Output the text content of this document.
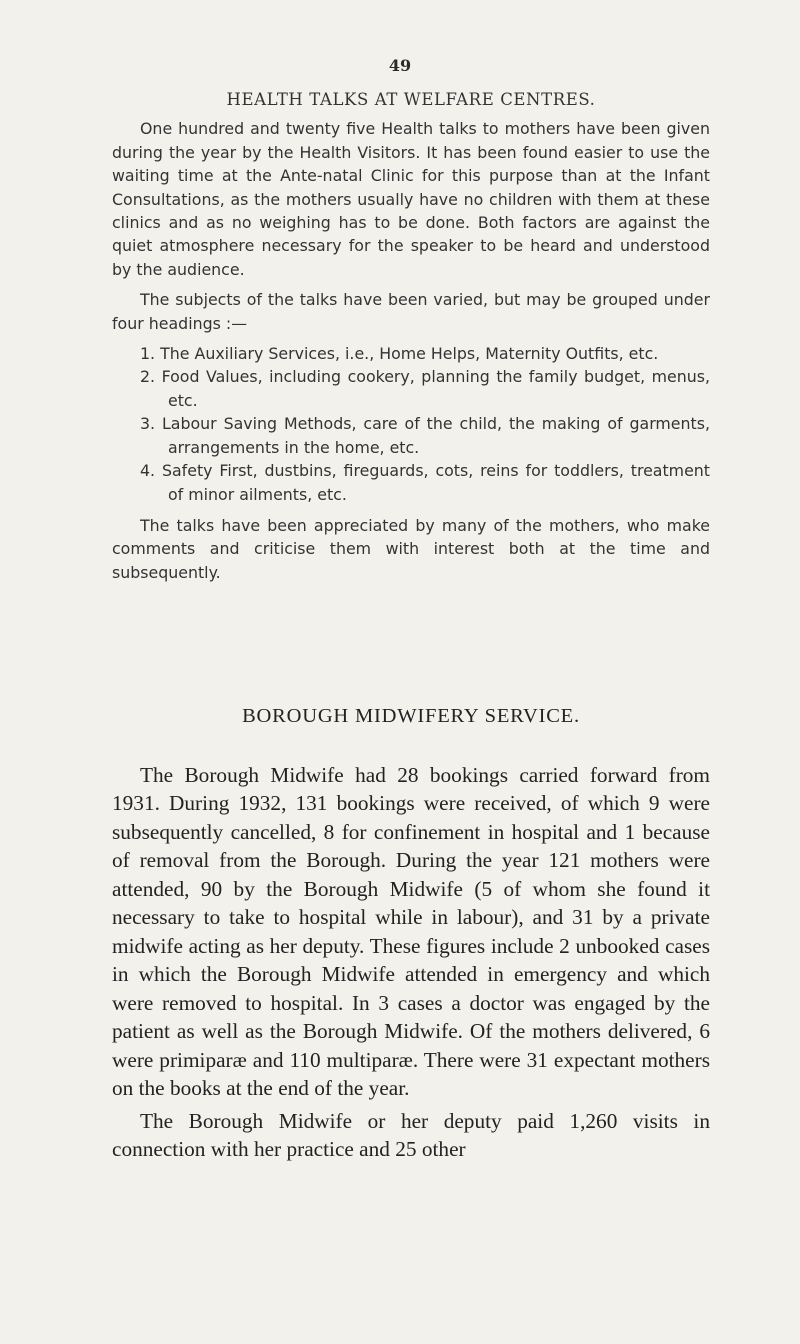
49
HEALTH TALKS AT WELFARE CENTRES.

One hundred and twenty five Health talks to mothers have been given during the year by the Health Visitors. It has been found easier to use the waiting time at the Ante-natal Clinic for this purpose than at the Infant Consultations, as the mothers usually have no children with them at these clinics and as no weighing has to be done. Both factors are against the quiet atmosphere necessary for the speaker to be heard and understood by the audience.

The subjects of the talks have been varied, but may be grouped under four headings :—

1. The Auxiliary Services, i.e., Home Helps, Maternity Outfits, etc.
2. Food Values, including cookery, planning the family budget, menus, etc.
3. Labour Saving Methods, care of the child, the making of garments, arrangements in the home, etc.
4. Safety First, dustbins, fireguards, cots, reins for toddlers, treatment of minor ailments, etc.

The talks have been appreciated by many of the mothers, who make comments and criticise them with interest both at the time and subsequently.

BOROUGH MIDWIFERY SERVICE.

The Borough Midwife had 28 bookings carried forward from 1931. During 1932, 131 bookings were received, of which 9 were subsequently cancelled, 8 for confinement in hospital and 1 because of removal from the Borough. During the year 121 mothers were attended, 90 by the Borough Midwife (5 of whom she found it necessary to take to hospital while in labour), and 31 by a private midwife acting as her deputy. These figures include 2 unbooked cases in which the Borough Midwife attended in emergency and which were removed to hospital. In 3 cases a doctor was engaged by the patient as well as the Borough Midwife. Of the mothers delivered, 6 were primiparæ and 110 multiparæ. There were 31 expectant mothers on the books at the end of the year.

The Borough Midwife or her deputy paid 1,260 visits in connection with her practice and 25 other
